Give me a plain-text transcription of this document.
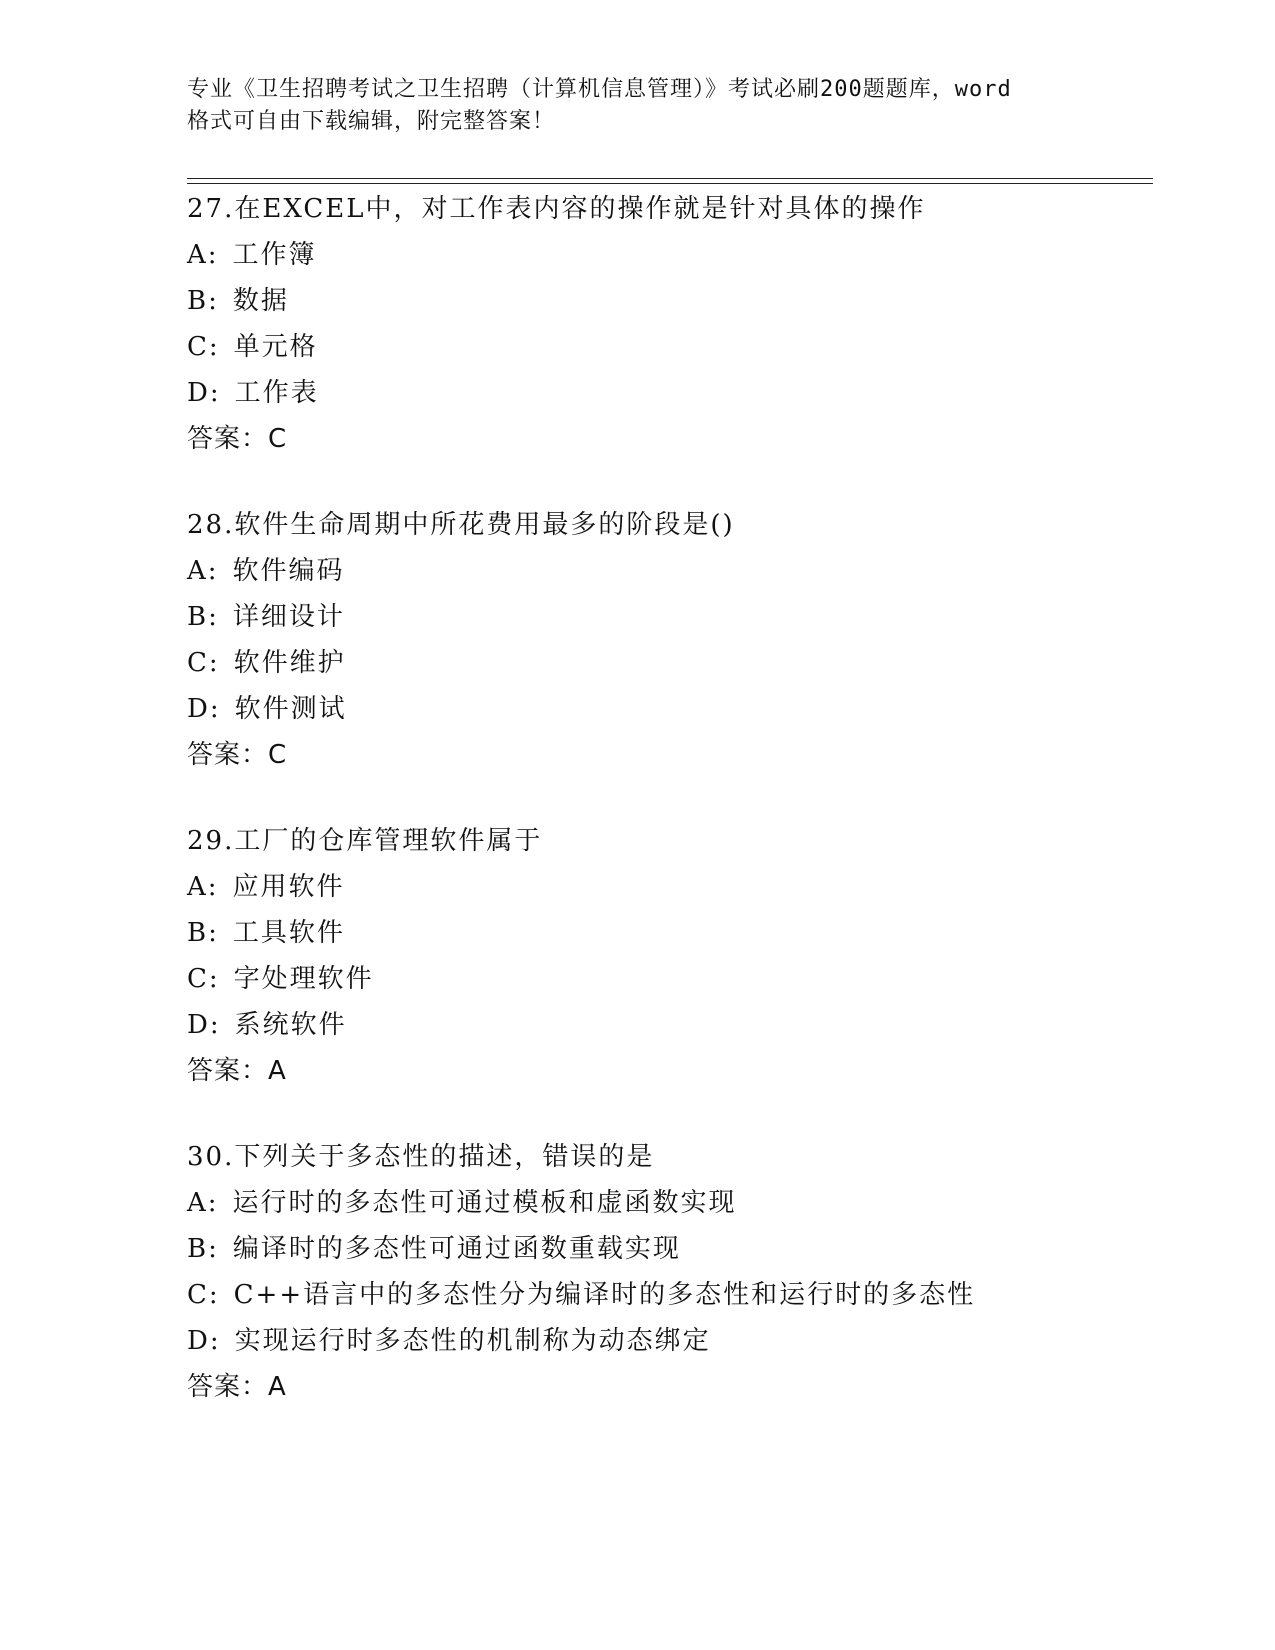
专业《卫生招聘考试之卫生招聘（计算机信息管理）》考试必刷200题题库，word
格式可自由下载编辑，附完整答案！
27.在EXCEL中，对工作表内容的操作就是针对具体的操作
A: 工作簿
B: 数据
C: 单元格
D: 工作表
答案：C
28.软件生命周期中所花费用最多的阶段是()
A: 软件编码
B: 详细设计
C: 软件维护
D: 软件测试
答案：C
29.工厂的仓库管理软件属于
A: 应用软件
B: 工具软件
C: 字处理软件
D: 系统软件
答案：A
30.下列关于多态性的描述，错误的是
A: 运行时的多态性可通过模板和虚函数实现
B: 编译时的多态性可通过函数重载实现
C: C++语言中的多态性分为编译时的多态性和运行时的多态性
D: 实现运行时多态性的机制称为动态绑定
答案：A
